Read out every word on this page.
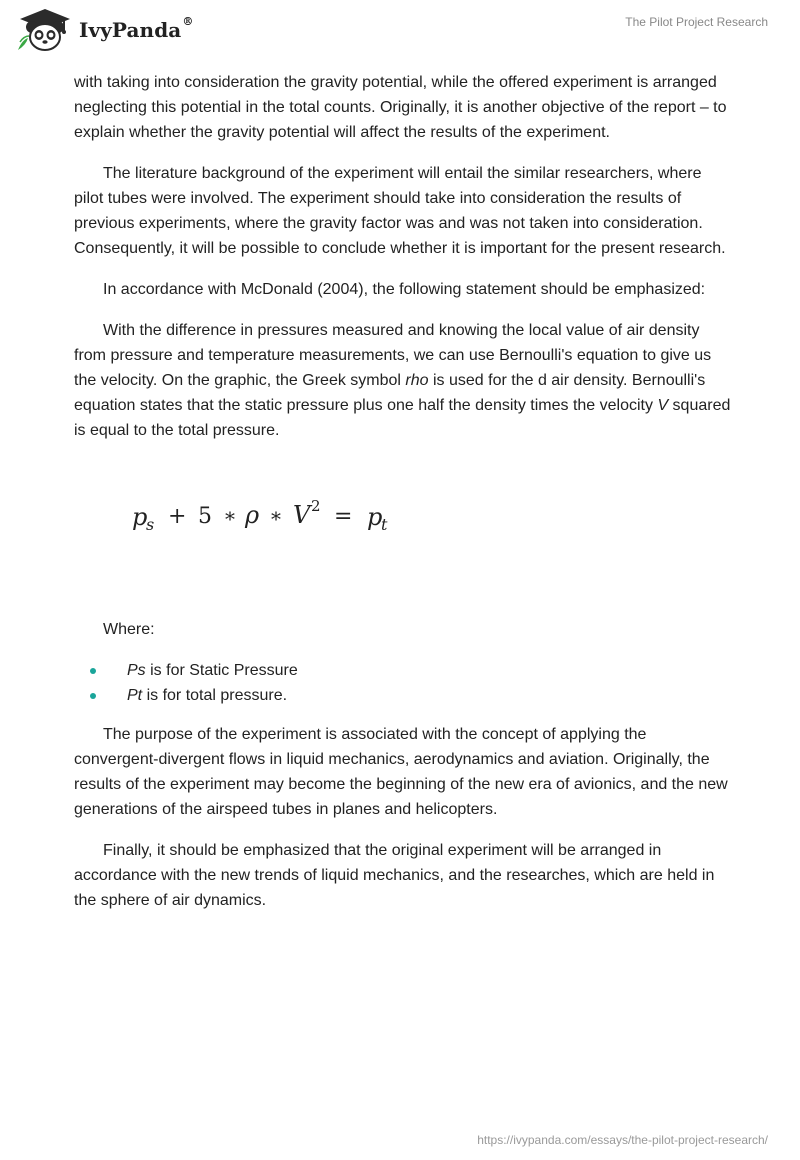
IvyPanda®	The Pilot Project Research

with taking into consideration the gravity potential, while the offered experiment is arranged neglecting this potential in the total counts. Originally, it is another objective of the report – to explain whether the gravity potential will affect the results of the experiment.

The literature background of the experiment will entail the similar researchers, where pilot tubes were involved. The experiment should take into consideration the results of previous experiments, where the gravity factor was and was not taken into consideration. Consequently, it will be possible to conclude whether it is important for the present research.

In accordance with McDonald (2004), the following statement should be emphasized:

With the difference in pressures measured and knowing the local value of air density from pressure and temperature measurements, we can use Bernoulli's equation to give us the velocity. On the graphic, the Greek symbol rho is used for the d air density. Bernoulli's equation states that the static pressure plus one half the density times the velocity V squared is equal to the total pressure.

p
s + 5 * ρ * V 2 = p
t

Where:

Ps is for Static Pressure
Pt is for total pressure.

The purpose of the experiment is associated with the concept of applying the convergent-divergent flows in liquid mechanics, aerodynamics and aviation. Originally, the results of the experiment may become the beginning of the new era of avionics, and the new generations of the airspeed tubes in planes and helicopters.

Finally, it should be emphasized that the original experiment will be arranged in accordance with the new trends of liquid mechanics, and the researches, which are held in the sphere of air dynamics.

https://ivypanda.com/essays/the-pilot-project-research/
